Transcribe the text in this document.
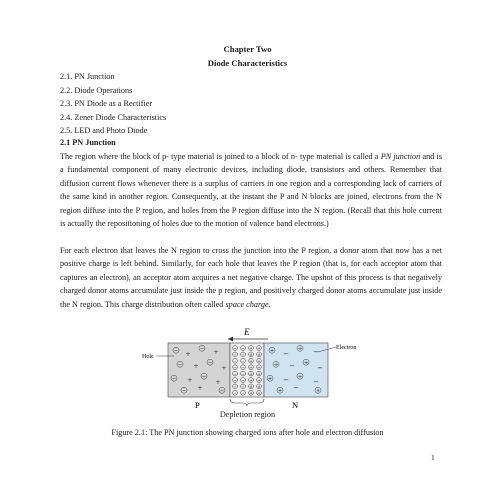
Chapter Two
Diode Characteristics
2.1. PN Junction
2.2. Diode Operations
2.3. PN Diode as a Rectifier
2.4. Zener Diode Characteristics
2.5. LED and Photo Diode
2.1 PN Junction
The region where the block of p- type material is joined to a block of n- type material is called a PN junction and is a fundamental component of many electronic devices, including diode, transistors and others. Remember that diffusion current flows whenever there is a surplus of carriers in one region and a corresponding lack of carriers of the same kind in another region. Consequently, at the instant the P and N blocks are joined, electrons from the N region diffuse into the P region, and holes from the P region diffuse into the N region. (Recall that this hole current is actually the repositioning of holes due to the motion of valence band electrons.)
For each electron that leaves the N region to cross the junction into the P region, a donor atom that now has a net positive charge is left behind. Similarly, for each hole that leaves the P region (that is, for each acceptor atom that captures an electron), an acceptor atom acquires a net negative charge. The upshot of this process is that negatively charged donor atoms accumulate just inside the p region, and positively charged donor atoms accumulate just inside the N region. This charge distribution often called space charge.
E
− +
− +
− + −
+
− + −
+
− +	−
−
−
−
−
−
−
−
−
−
−
−
−
−
−
−
−
+
+
+
+
+
+
+
+
+
+
+
+
+
+
+
+
+ −
+ −
+ − +
−
+ − +
−
+ −	+
Hole
Electron
P	N
Depletion region
Figure 2.1: The PN junction showing charged ions after hole and electron diffusion
1
